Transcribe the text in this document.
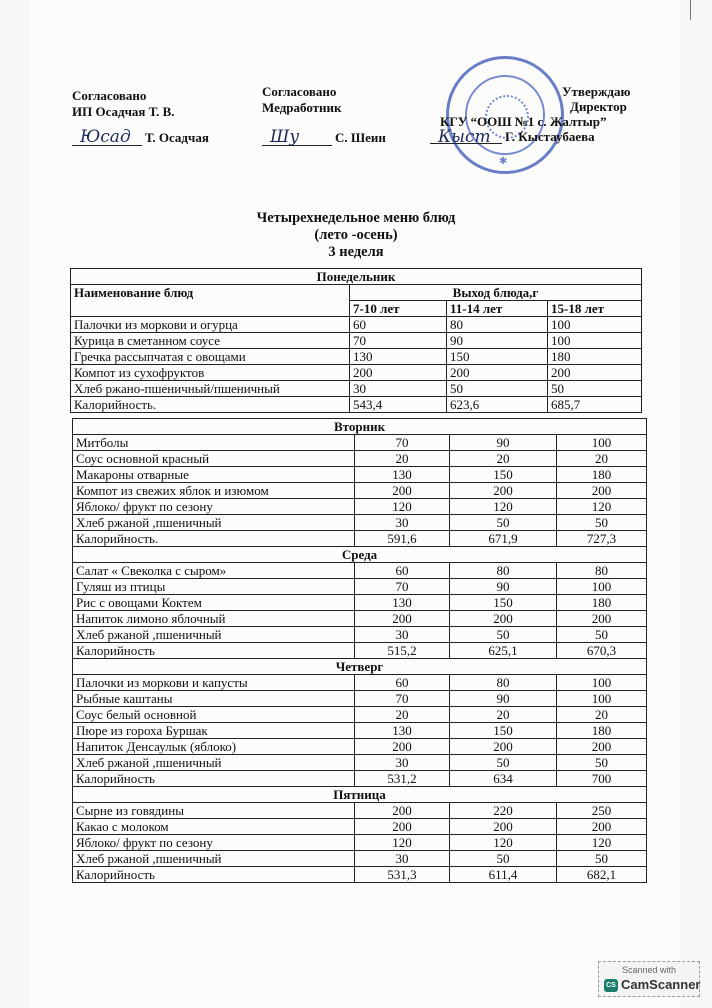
Согласовано
ИП Осадчая Т. В.
Юсад Т. Осадчая
Согласовано
Медработник
Шу	С. Шеин
✱
Утверждаю
Директор
КГУ “ООШ №1 с. Жалтыр”
Кыст Г. Кыстаубаева
Четырехнедельное меню блюд
(лето -осень)
3 неделя
Понедельник			
Наименование блюд	Выход блюда,г		
	7-10 лет	11-14 лет	15-18 лет
Палочки из моркови и огурца	60	80	100
Курица в сметанном соусе	70	90	100
Гречка рассыпчатая с овощами	130	150	180
Компот из сухофруктов	200	200	200
Хлеб ржано-пшеничный/пшеничный	30	50	50
Калорийность.	543,4	623,6	685,7
Вторник			
Митболы	70	90	100
Соус основной красный	20	20	20
Макароны отварные	130	150	180
Компот из свежих яблок и изюмом	200	200	200
Яблоко/ фрукт по сезону	120	120	120
Хлеб ржаной ,пшеничный	30	50	50
Калорийность.	591,6	671,9	727,3
Среда			
Салат « Свеколка с сыром»	60	80	80
Гуляш из птицы	70	90	100
Рис с овощами Коктем	130	150	180
Напиток лимоно яблочный	200	200	200
Хлеб ржаной ,пшеничный	30	50	50
Калорийность	515,2	625,1	670,3
Четверг			
Палочки из моркови и капусты	60	80	100
Рыбные каштаны	70	90	100
Соус белый основной	20	20	20
Пюре из гороха Буршак	130	150	180
Напиток Денсаулык (яблоко)	200	200	200
Хлеб ржаной ,пшеничный	30	50	50
Калорийность	531,2	634	700
Пятница			
Сырне из говядины	200	220	250
Какао с молоком	200	200	200
Яблоко/ фрукт по сезону	120	120	120
Хлеб ржаной ,пшеничный	30	50	50
Калорийность	531,3	611,4	682,1
Scanned with
CS CamScanner
